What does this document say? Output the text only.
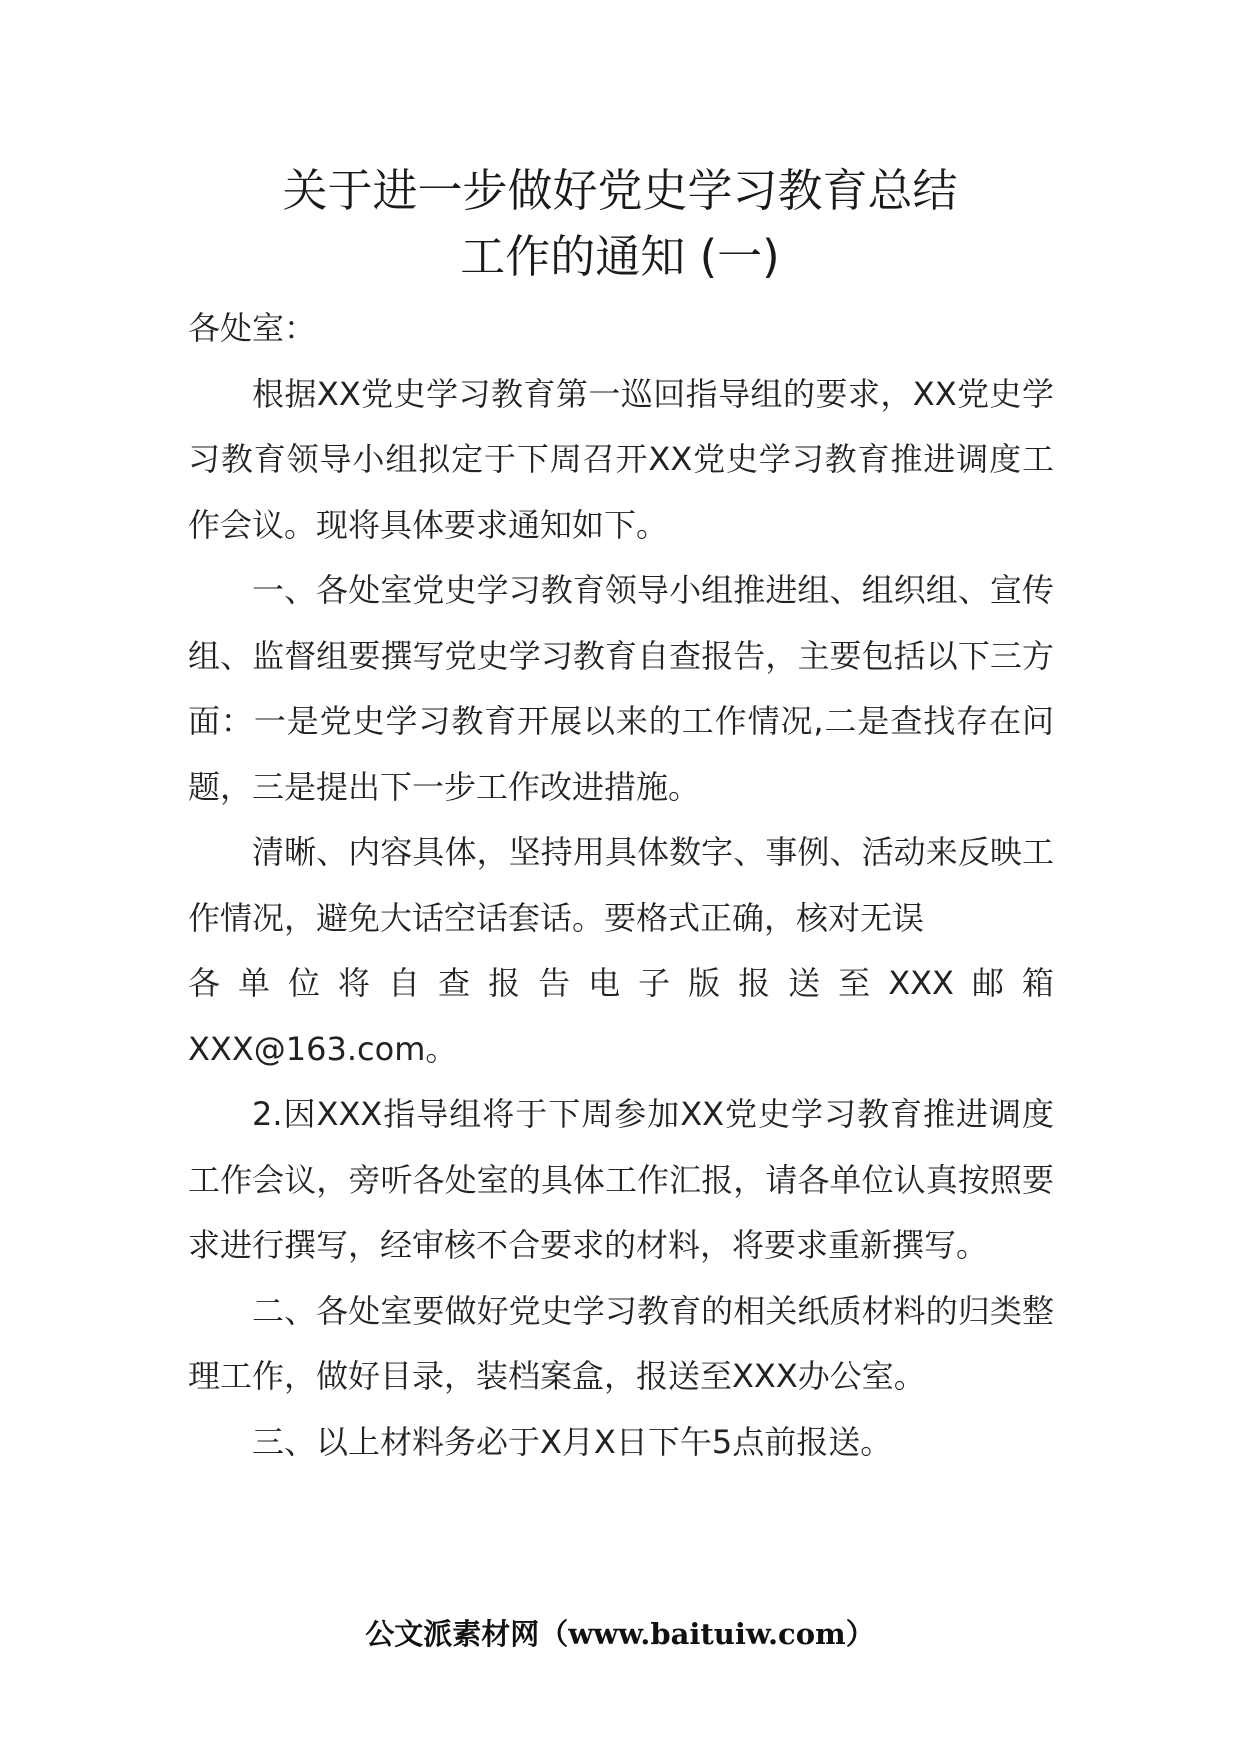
关于进一步做好党史学习教育总结
工作的通知 (一)

各处室：

根据XX党史学习教育第一巡回指导组的要求，XX党史学习教育领导小组拟定于下周召开XX党史学习教育推进调度工作会议。现将具体要求通知如下。

一、各处室党史学习教育领导小组推进组、组织组、宣传组、监督组要撰写党史学习教育自查报告，主要包括以下三方面：一是党史学习教育开展以来的工作情况,二是查找存在问题，三是提出下一步工作改进措施。

清晰、内容具体，坚持用具体数字、事例、活动来反映工作情况，避免大话空话套话。要格式正确，核对无误

各单位将自查报告电子版报送至XXX邮箱

XXX@163.com。

2.因XXX指导组将于下周参加XX党史学习教育推进调度工作会议，旁听各处室的具体工作汇报，请各单位认真按照要求进行撰写，经审核不合要求的材料，将要求重新撰写。

二、各处室要做好党史学习教育的相关纸质材料的归类整理工作，做好目录，装档案盒，报送至XXX办公室。

三、以上材料务必于X月X日下午5点前报送。

公文派素材网（www.baituiw.com）
